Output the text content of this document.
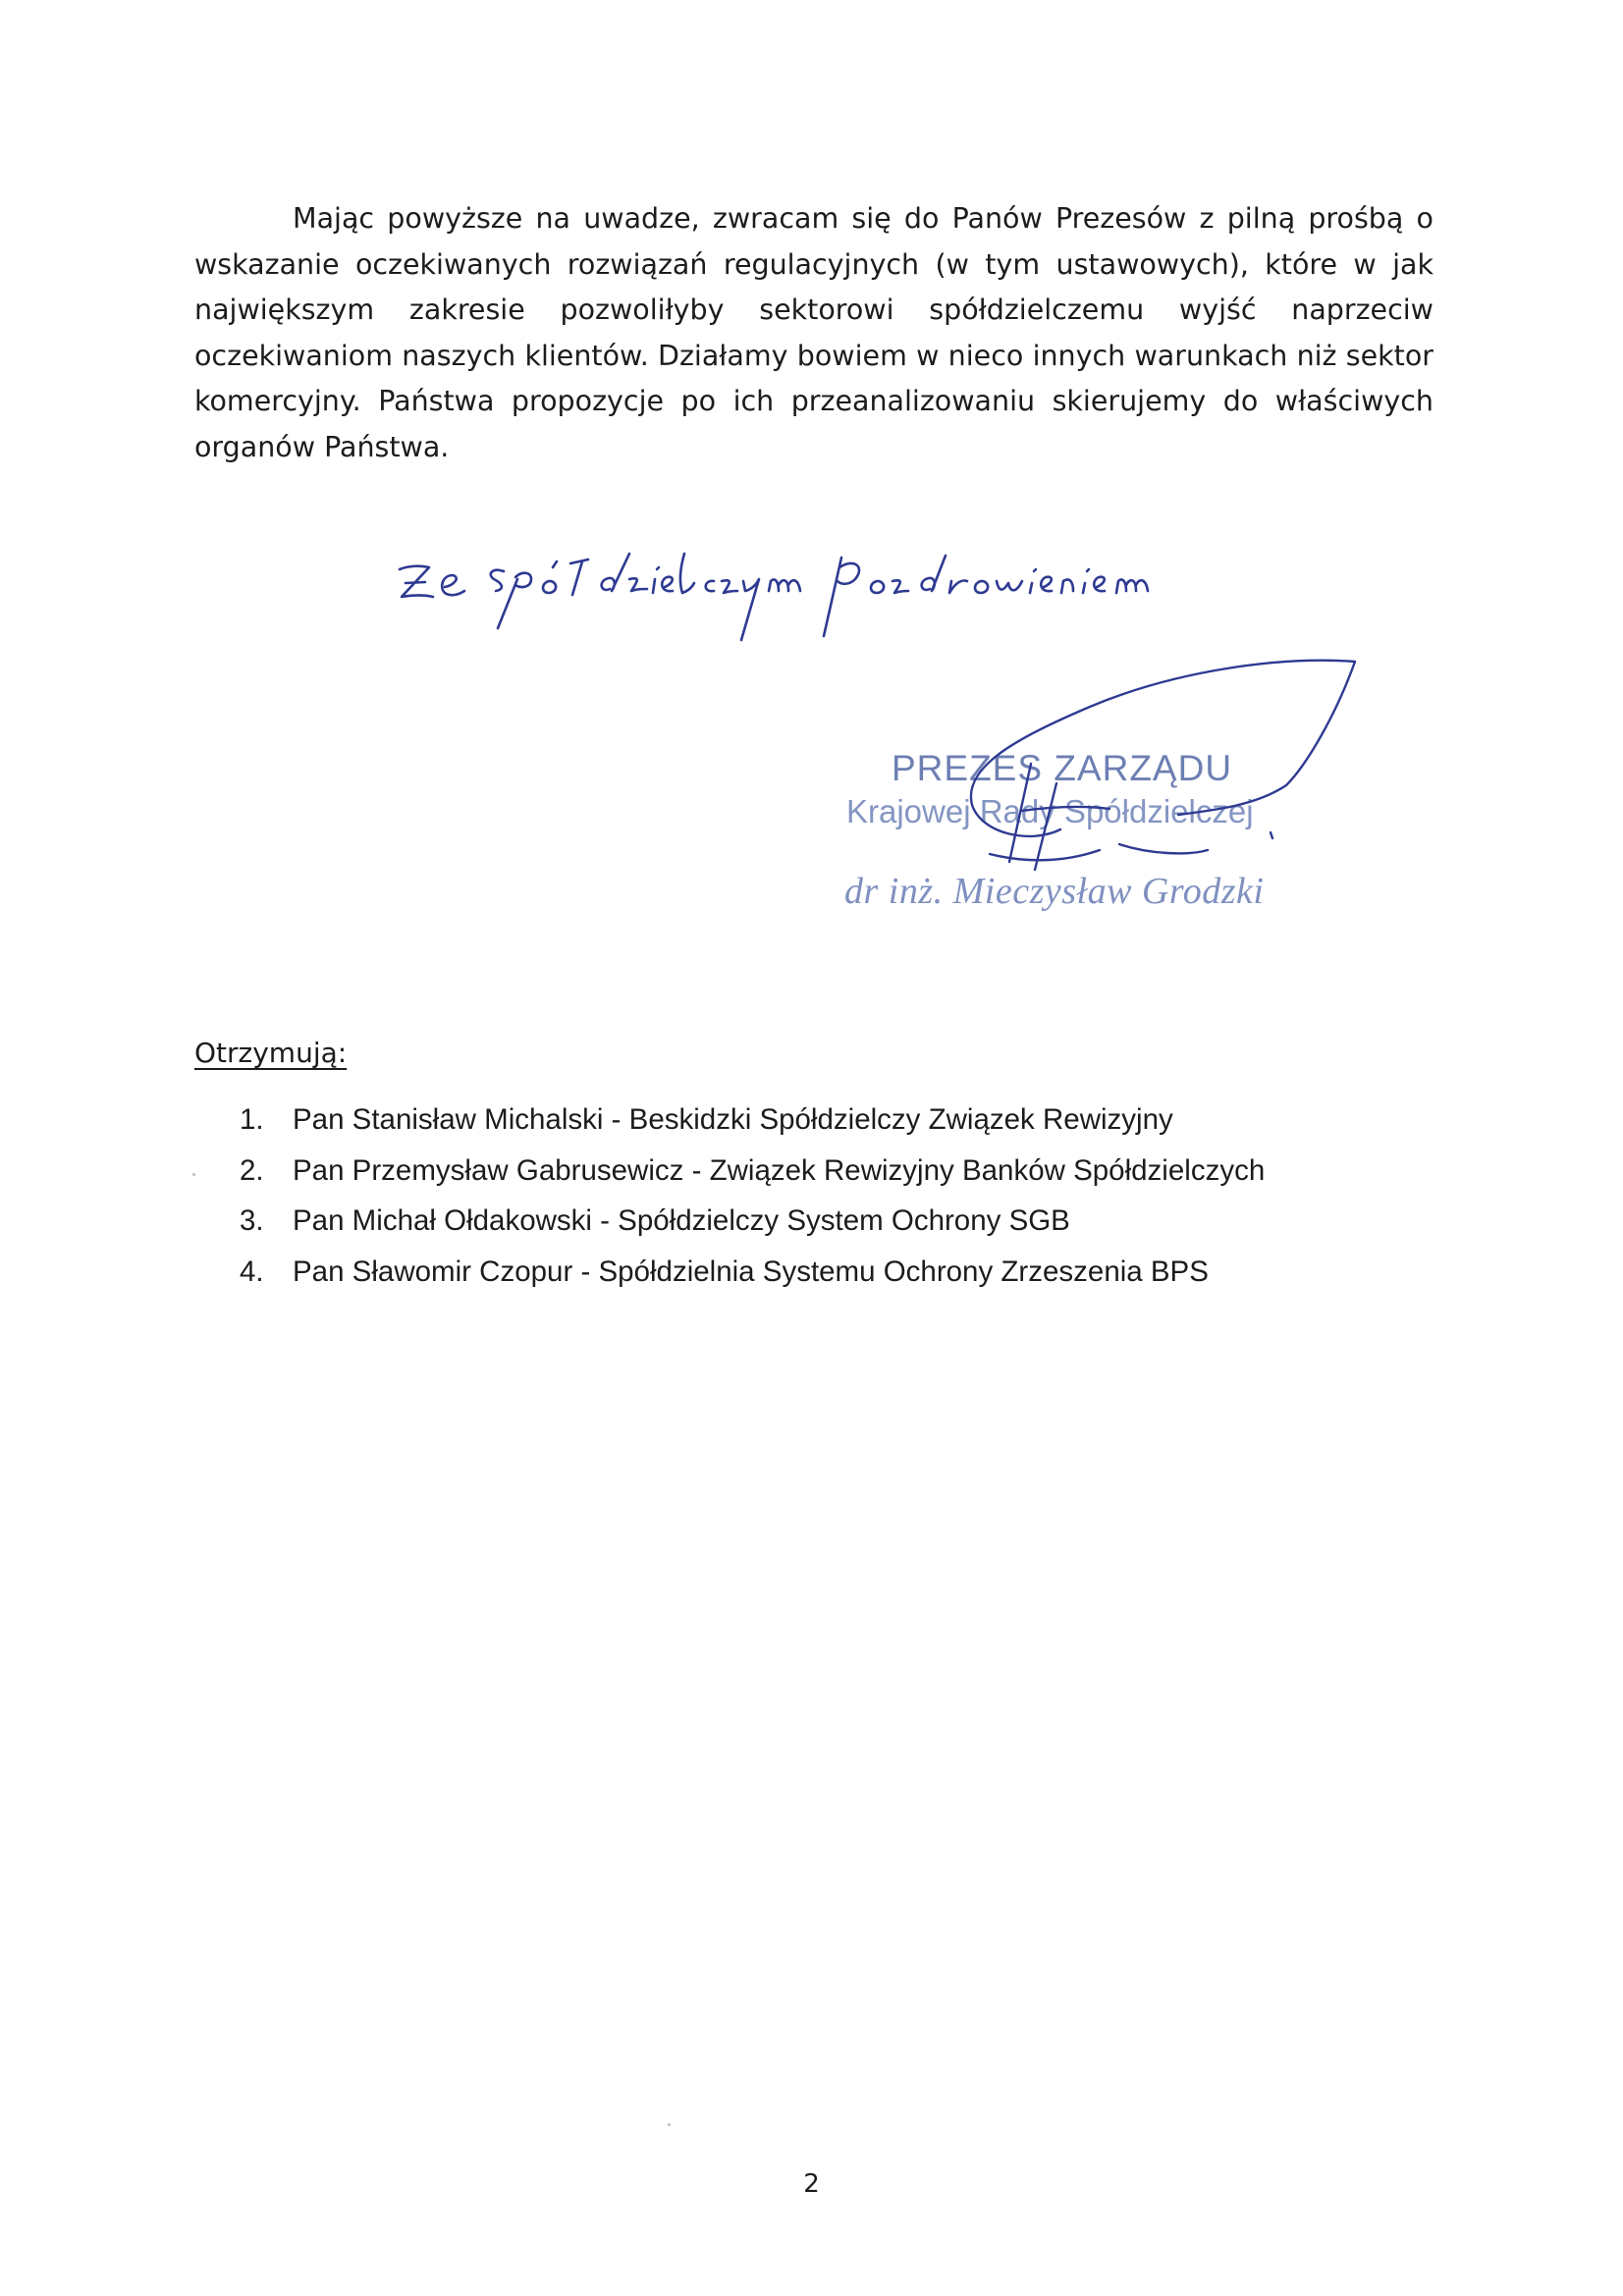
Mając powyższe na uwadze, zwracam się do Panów Prezesów z pilną prośbą o wskazanie oczekiwanych rozwiązań regulacyjnych (w tym ustawowych), które w jak największym zakresie pozwoliłyby sektorowi spółdzielczemu wyjść naprzeciw oczekiwaniom naszych klientów. Działamy bowiem w nieco innych warunkach niż sektor komercyjny. Państwa propozycje po ich przeanalizowaniu skierujemy do właściwych organów Państwa.

PREZES ZARZĄDU
Krajowej Rady Spółdzielczej
dr inż. Mieczysław Grodzki
Otrzymują:
1. Pan Stanisław Michalski - Beskidzki Spółdzielczy Związek Rewizyjny
2. Pan Przemysław Gabrusewicz - Związek Rewizyjny Banków Spółdzielczych
3. Pan Michał Ołdakowski - Spółdzielczy System Ochrony SGB
4. Pan Sławomir Czopur - Spółdzielnia Systemu Ochrony Zrzeszenia BPS
2
